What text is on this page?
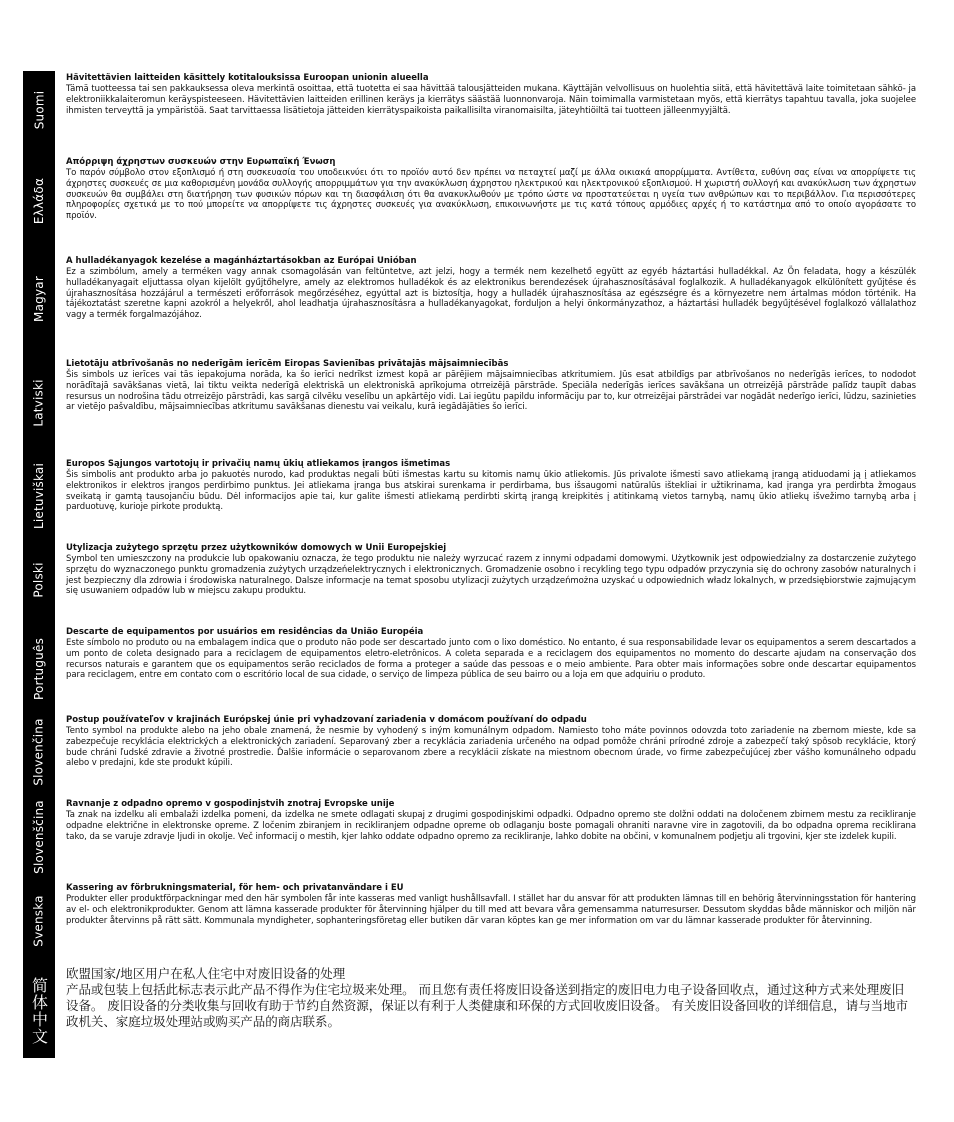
Suomi

Hävitettävien laitteiden käsittely kotitalouksissa Euroopan unionin alueella

Tämä tuotteessa tai sen pakkauksessa oleva merkintä osoittaa, että tuotetta ei saa hävittää talousjätteiden mukana. Käyttäjän velvollisuus on huolehtia siitä, että hävitettävä laite toimitetaan sähkö- ja elektroniikkalaiteromun keräyspisteeseen. Hävitettävien laitteiden erillinen keräys ja kierrätys säästää luonnonvaroja. Näin toimimalla varmistetaan myös, että kierrätys tapahtuu tavalla, joka suojelee ihmisten terveyttä ja ympäristöä. Saat tarvittaessa lisätietoja jätteiden kierrätyspaikoista paikallisilta viranomaisilta, jäteyhtiöiltä tai tuotteen jälleenmyyjältä.

Ελλάδα

Απόρριψη άχρηστων συσκευών στην Ευρωπαϊκή Ένωση

Το παρόν σύμβολο στον εξοπλισμό ή στη συσκευασία του υποδεικνύει ότι το προϊόν αυτό δεν πρέπει να πεταχτεί μαζί με άλλα οικιακά απορρίμματα. Αντίθετα, ευθύνη σας είναι να απορρίψετε τις άχρηστες συσκευές σε μια καθορισμένη μονάδα συλλογής απορριμμάτων για την ανακύκλωση άχρηστου ηλεκτρικού και ηλεκτρονικού εξοπλισμού. Η χωριστή συλλογή και ανακύκλωση των άχρηστων συσκευών θα συμβάλει στη διατήρηση των φυσικών πόρων και τη διασφάλιση ότι θα ανακυκλωθούν με τρόπο ώστε να προστατεύεται η υγεία των ανθρώπων και το περιβάλλον. Για περισσότερες πληροφορίες σχετικά με το πού μπορείτε να απορρίψετε τις άχρηστες συσκευές για ανακύκλωση, επικοινωνήστε με τις κατά τόπους αρμόδιες αρχές ή το κατάστημα από το οποίο αγοράσατε το προϊόν.

Magyar

A hulladékanyagok kezelése a magánháztartásokban az Európai Unióban

Ez a szimbólum, amely a terméken vagy annak csomagolásán van feltüntetve, azt jelzi, hogy a termék nem kezelhető együtt az egyéb háztartási hulladékkal. Az Ön feladata, hogy a készülék hulladékanyagait eljuttassa olyan kijelölt gyűjtőhelyre, amely az elektromos hulladékok és az elektronikus berendezések újrahasznosításával foglalkozik. A hulladékanyagok elkülönített gyűjtése és újrahasznosítása hozzájárul a természeti erőforrások megőrzéséhez, egyúttal azt is biztosítja, hogy a hulladék újrahasznosítása az egészségre és a környezetre nem ártalmas módon történik. Ha tájékoztatást szeretne kapni azokról a helyekről, ahol leadhatja újrahasznosításra a hulladékanyagokat, forduljon a helyi önkormányzathoz, a háztartási hulladék begyűjtésével foglalkozó vállalathoz vagy a termék forgalmazójához.

Latviski

Lietotāju atbrīvošanās no nederīgām ierīcēm Eiropas Savienības privātajās mājsaimniecībās

Šis simbols uz ierīces vai tās iepakojuma norāda, ka šo ierīci nedrīkst izmest kopā ar pārējiem mājsaimniecības atkritumiem. Jūs esat atbildīgs par atbrīvošanos no nederīgās ierīces, to nododot norādītajā savākšanas vietā, lai tiktu veikta nederīgā elektriskā un elektroniskā aprīkojuma otrreizējā pārstrāde. Speciāla nederīgās ierīces savākšana un otrreizējā pārstrāde palīdz taupīt dabas resursus un nodrošina tādu otrreizējo pārstrādi, kas sargā cilvēku veselību un apkārtējo vidi. Lai iegūtu papildu informāciju par to, kur otrreizējai pārstrādei var nogādāt nederīgo ierīci, lūdzu, sazinieties ar vietējo pašvaldību, mājsaimniecības atkritumu savākšanas dienestu vai veikalu, kurā iegādājāties šo ierīci.

Lietuviškai Europos Sąjungos vartotojų ir privačių namų ūkių atliekamos įrangos išmetimas

Šis simbolis ant produkto arba jo pakuotės nurodo, kad produktas negali būti išmestas kartu su kitomis namų ūkio atliekomis. Jūs privalote išmesti savo atliekamą įrangą atiduodami ją į atliekamos elektronikos ir elektros įrangos perdirbimo punktus. Jei atliekama įranga bus atskirai surenkama ir perdirbama, bus išsaugomi natūralūs ištekliai ir užtikrinama, kad įranga yra perdirbta žmogaus sveikatą ir gamtą tausojančiu būdu. Dėl informacijos apie tai, kur galite išmesti atliekamą perdirbti skirtą įrangą kreipkitės į atitinkamą vietos tarnybą, namų ūkio atliekų išvežimo tarnybą arba į parduotuvę, kurioje pirkote produktą.

Polski

Utylizacja zużytego sprzętu przez użytkowników domowych w Unii Europejskiej

Symbol ten umieszczony na produkcie lub opakowaniu oznacza, że tego produktu nie należy wyrzucać razem z innymi odpadami domowymi. Użytkownik jest odpowiedzialny za dostarczenie zużytego sprzętu do wyznaczonego punktu gromadzenia zużytych urządzeńelektrycznych i elektronicznych. Gromadzenie osobno i recykling tego typu odpadów przyczynia się do ochrony zasobów naturalnych i jest bezpieczny dla zdrowia i środowiska naturalnego. Dalsze informacje na temat sposobu utylizacji zużytych urządzeńmożna uzyskać u odpowiednich władz lokalnych, w przedsiębiorstwie zajmującym się usuwaniem odpadów lub w miejscu zakupu produktu.

Português

Descarte de equipamentos por usuários em residências da União Européia

Este símbolo no produto ou na embalagem indica que o produto não pode ser descartado junto com o lixo doméstico. No entanto, é sua responsabilidade levar os equipamentos a serem descartados a um ponto de coleta designado para a reciclagem de equipamentos eletro-eletrônicos. A coleta separada e a reciclagem dos equipamentos no momento do descarte ajudam na conservação dos recursos naturais e garantem que os equipamentos serão reciclados de forma a proteger a saúde das pessoas e o meio ambiente. Para obter mais informações sobre onde descartar equipamentos para reciclagem, entre em contato com o escritório local de sua cidade, o serviço de limpeza pública de seu bairro ou a loja em que adquiriu o produto.

Slovenčina Postup používateľov v krajinách Európskej únie pri vyhadzovaní zariadenia v domácom používaní do odpadu

Tento symbol na produkte alebo na jeho obale znamená, že nesmie by vyhodený s iným komunálnym odpadom. Namiesto toho máte povinnos odovzda toto zariadenie na zbernom mieste, kde sa zabezpečuje recyklácia elektrických a elektronických zariadení. Separovaný zber a recyklácia zariadenia určeného na odpad pomôže chráni prírodné zdroje a zabezpečí taký spôsob recyklácie, ktorý bude chráni ľudské zdravie a životné prostredie. Ďalšie informácie o separovanom zbere a recyklácii získate na miestnom obecnom úrade, vo firme zabezpečujúcej zber vášho komunálneho odpadu alebo v predajni, kde ste produkt kúpili.

Slovenščina Ravnanje z odpadno opremo v gospodinjstvih znotraj Evropske unije

Ta znak na izdelku ali embalaži izdelka pomeni, da izdelka ne smete odlagati skupaj z drugimi gospodinjskimi odpadki. Odpadno opremo ste dolžni oddati na določenem zbirnem mestu za recikliranje odpadne električne in elektronske opreme. Z ločenim zbiranjem in recikliranjem odpadne opreme ob odlaganju boste pomagali ohraniti naravne vire in zagotovili, da bo odpadna oprema reciklirana tako, da se varuje zdravje ljudi in okolje. Več informacij o mestih, kjer lahko oddate odpadno opremo za recikliranje, lahko dobite na občini, v komunalnem podjetju ali trgovini, kjer ste izdelek kupili.

Svenska

Kassering av förbrukningsmaterial, för hem- och privatanvändare i EU

Produkter eller produktförpackningar med den här symbolen får inte kasseras med vanligt hushållsavfall. I stället har du ansvar för att produkten lämnas till en behörig återvinningsstation för hantering av el- och elektronikprodukter. Genom att lämna kasserade produkter för återvinning hjälper du till med att bevara våra gemensamma naturresurser. Dessutom skyddas både människor och miljön när produkter återvinns på rätt sätt. Kommunala myndigheter, sophanteringsföretag eller butiken där varan köptes kan ge mer information om var du lämnar kasserade produkter för återvinning.

简体中文

欧盟国家/地区用户在私人住宅中对废旧设备的处理

产品或包装上包括此标志表示此产品不得作为住宅垃圾来处理。 而且您有责任将废旧设备送到指定的废旧电力电子设备回收点，通过这种方式来处理废旧设备。 废旧设备的分类收集与回收有助于节约自然资源，保证以有利于人类健康和环保的方式回收废旧设备。 有关废旧设备回收的详细信息，请与当地市政机关、家庭垃圾处理站或购买产品的商店联系。
